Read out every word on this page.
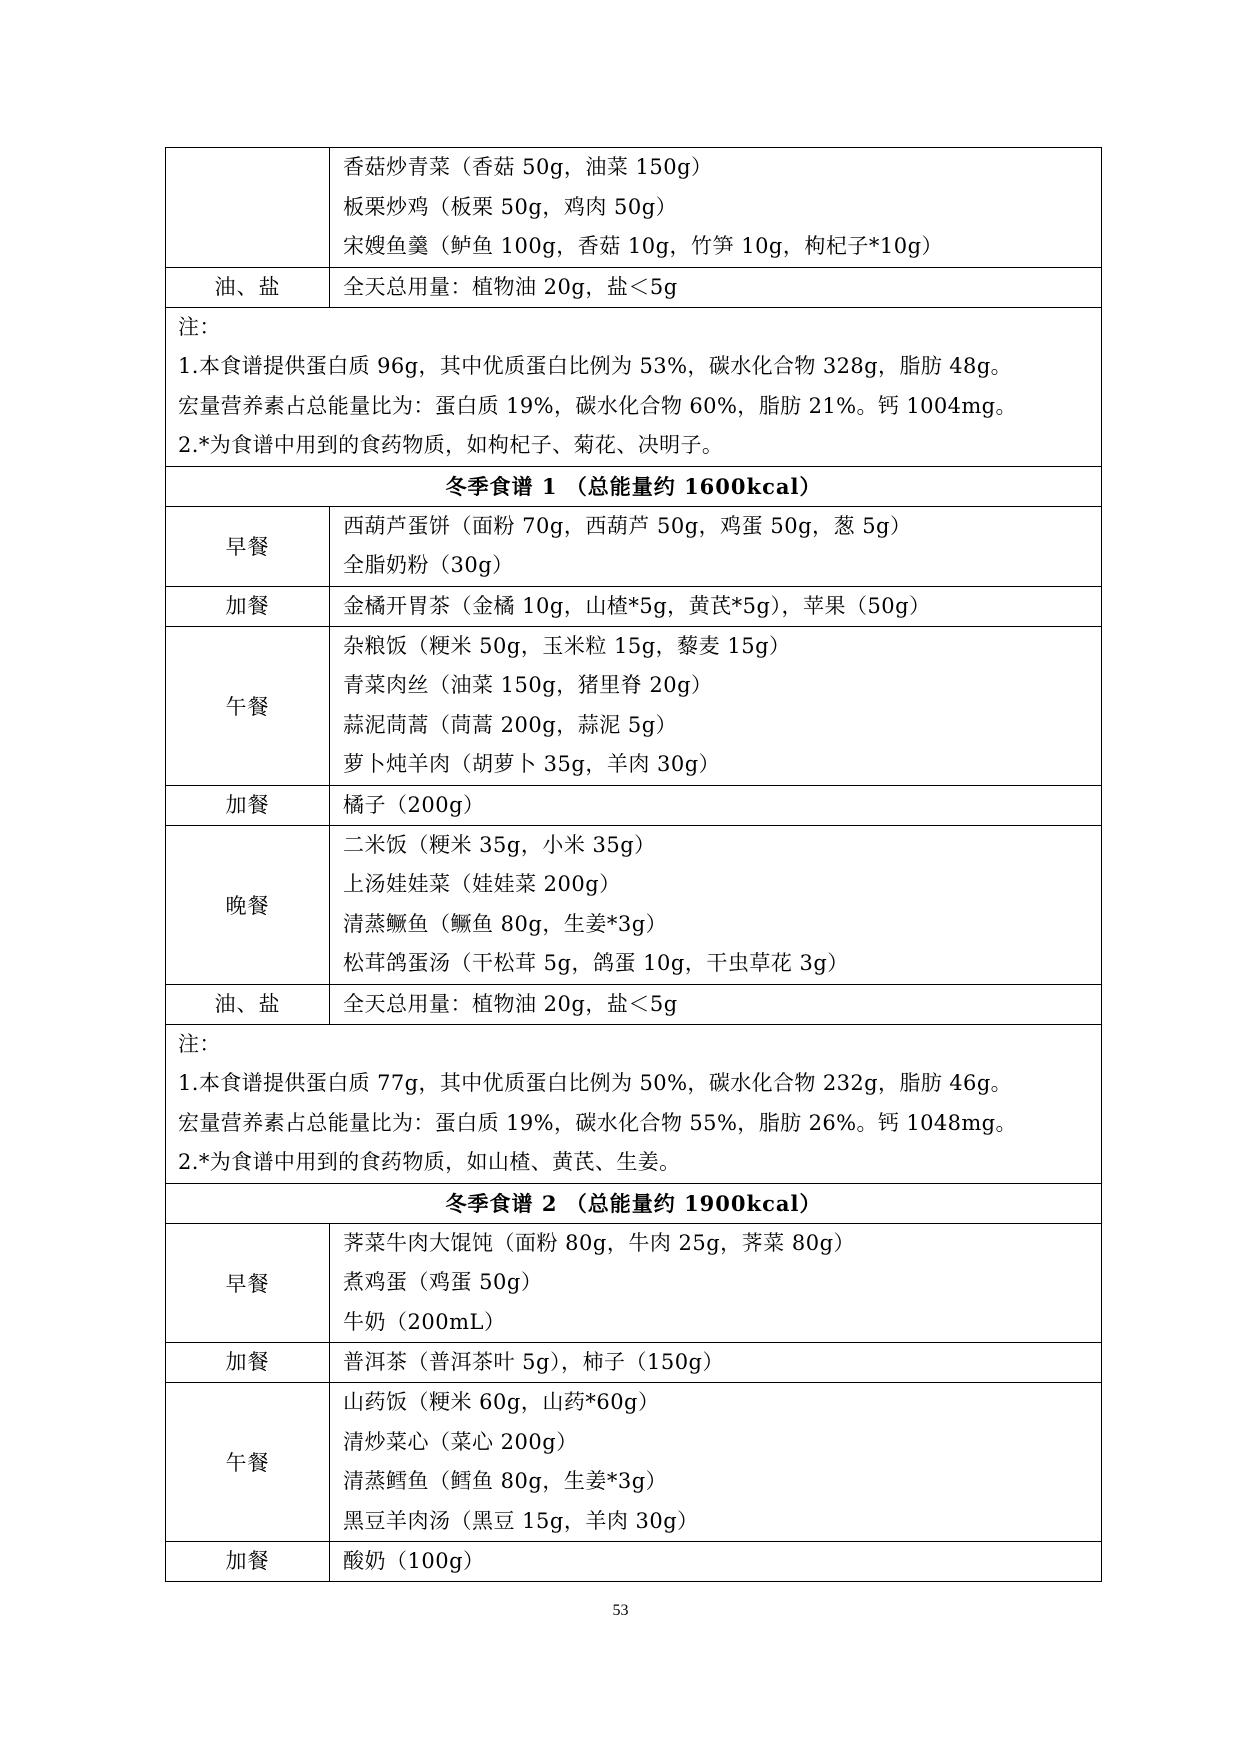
	香菇炒青菜（香菇 50g，油菜 150g）
板栗炒鸡（板栗 50g，鸡肉 50g）
宋嫂鱼羹（鲈鱼 100g，香菇 10g，竹笋 10g，枸杞子*10g）

油、盐	全天总用量：植物油 20g，盐＜5g

注：
1.本食谱提供蛋白质 96g，其中优质蛋白比例为 53%，碳水化合物 328g，脂肪 48g。
宏量营养素占总能量比为：蛋白质 19%，碳水化合物 60%，脂肪 21%。钙 1004mg。
2.*为食谱中用到的食药物质，如枸杞子、菊花、决明子。	

冬季食谱 1 （总能量约 1600kcal）	
早餐	西葫芦蛋饼（面粉 70g，西葫芦 50g，鸡蛋 50g，葱 5g）
全脂奶粉（30g）

加餐	金橘开胃茶（金橘 10g，山楂*5g，黄芪*5g），苹果（50g）

午餐	杂粮饭（粳米 50g，玉米粒 15g，藜麦 15g）
青菜肉丝（油菜 150g，猪里脊 20g）
蒜泥茼蒿（茼蒿 200g，蒜泥 5g）
萝卜炖羊肉（胡萝卜 35g，羊肉 30g）

加餐	橘子（200g）

晚餐	二米饭（粳米 35g，小米 35g）
上汤娃娃菜（娃娃菜 200g）
清蒸鳜鱼（鳜鱼 80g，生姜*3g）
松茸鸽蛋汤（干松茸 5g，鸽蛋 10g，干虫草花 3g）

油、盐	全天总用量：植物油 20g，盐＜5g

注：
1.本食谱提供蛋白质 77g，其中优质蛋白比例为 50%，碳水化合物 232g，脂肪 46g。
宏量营养素占总能量比为：蛋白质 19%，碳水化合物 55%，脂肪 26%。钙 1048mg。
2.*为食谱中用到的食药物质，如山楂、黄芪、生姜。	

冬季食谱 2 （总能量约 1900kcal）	
早餐	荠菜牛肉大馄饨（面粉 80g，牛肉 25g，荠菜 80g）
煮鸡蛋（鸡蛋 50g）
牛奶（200mL）

加餐	普洱茶（普洱茶叶 5g），柿子（150g）

午餐	山药饭（粳米 60g，山药*60g）
清炒菜心（菜心 200g）
清蒸鳕鱼（鳕鱼 80g，生姜*3g）
黑豆羊肉汤（黑豆 15g，羊肉 30g）

加餐	酸奶（100g）
53
